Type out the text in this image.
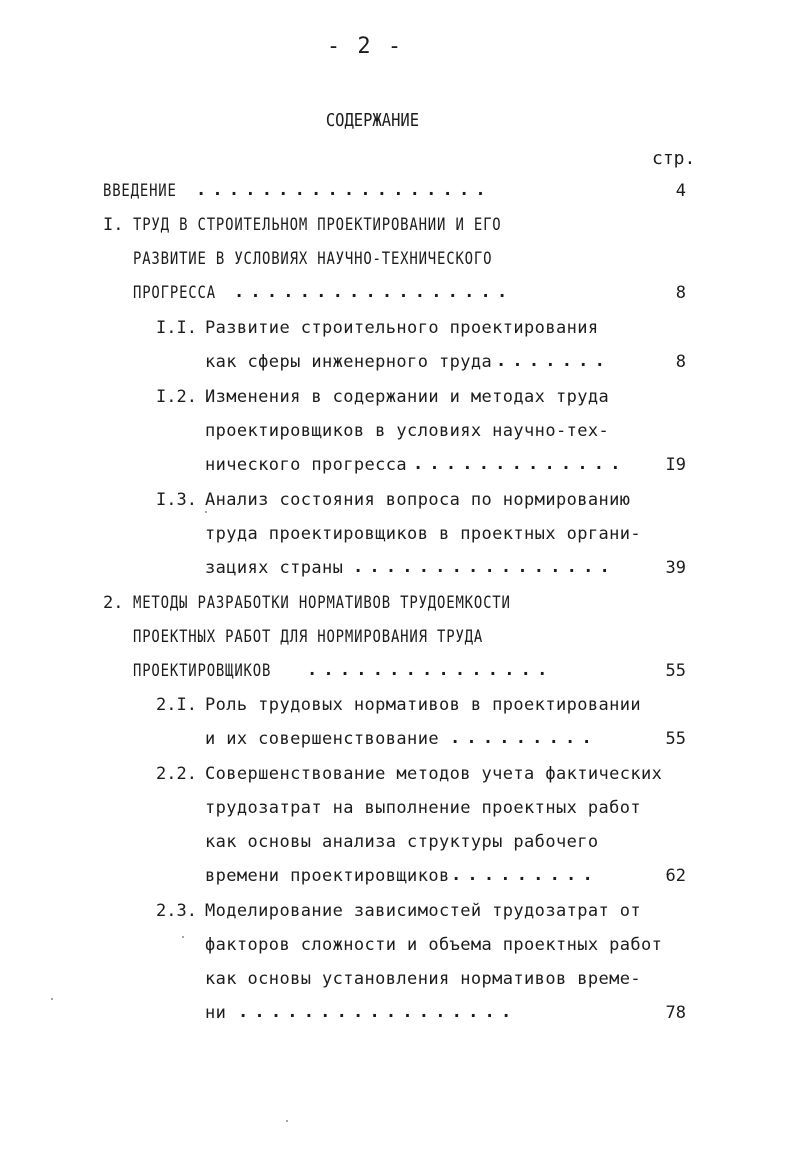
- 2 -
СОДЕРЖАНИЕ
стр.
ВВЕДЕНИЕ ..................	4
I. ТРУД В СТРОИТЕЛЬНОМ ПРОЕКТИРОВАНИИ И ЕГО
РАЗВИТИЕ В УСЛОВИЯХ НАУЧНО-ТЕХНИЧЕСКОГО
ПРОГРЕССА .................	8
I.I. Развитие строительного проектирования
как сферы инженерного труда .......	8
I.2. Изменения в содержании и методах труда
проектировщиков в условиях научно-тех-
нического прогресса .............	I9
I.3. Анализ состояния вопроса по нормированию
труда проектировщиков в проектных органи-
зациях страны ................	39
2. МЕТОДЫ РАЗРАБОТКИ НОРМАТИВОВ ТРУДОЕМКОСТИ
ПРОЕКТНЫХ РАБОТ ДЛЯ НОРМИРОВАНИЯ ТРУДА
ПРОЕКТИРОВЩИКОВ ...............	55
2.I. Роль трудовых нормативов в проектировании
и их совершенствование .........	55
2.2. Совершенствование методов учета фактических
трудозатрат на выполнение проектных работ
как основы анализа структуры рабочего
времени проектировщиков .........	62
2.3. Моделирование зависимостей трудозатрат от
факторов сложности и объема проектных работ
как основы установления нормативов време-
ни .................	78
